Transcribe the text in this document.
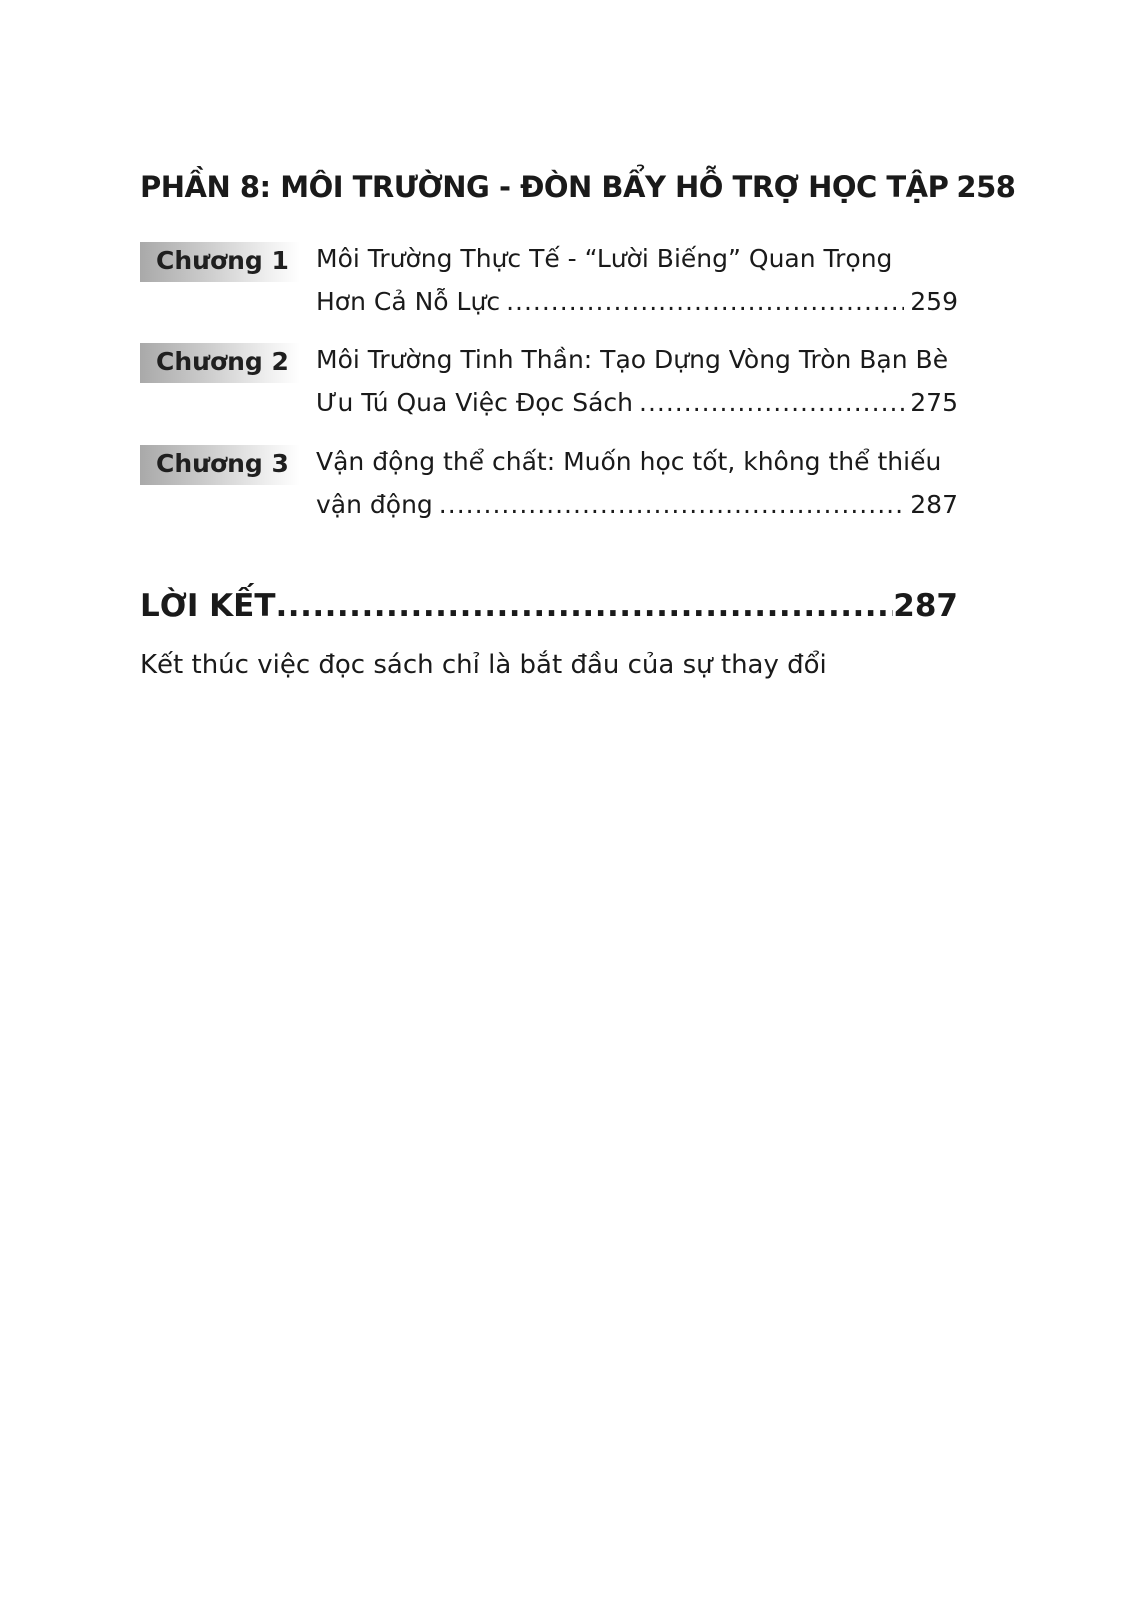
PHẦN 8: MÔI TRƯỜNG - ĐÒN BẨY HỖ TRỢ HỌC TẬP 258
Chương 1 Môi Trường Thực Tế - “Lười Biếng” Quan Trọng
Hơn Cả Nỗ Lực .....	259
Chương 2 Môi Trường Tinh Thần: Tạo Dựng Vòng Tròn Bạn Bè
Ưu Tú Qua Việc Đọc Sách .....	275
Chương 3 Vận động thể chất: Muốn học tốt, không thể thiếu
vận động .....	287
LỜI KẾT .....	287
Kết thúc việc đọc sách chỉ là bắt đầu của sự thay đổi
